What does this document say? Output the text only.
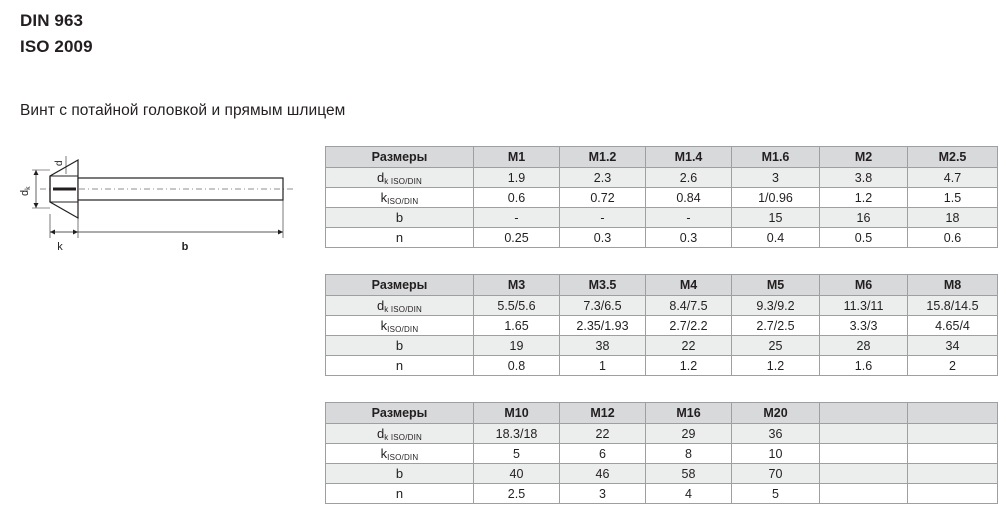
DIN 963
ISO 2009
Винт с потайной головкой и прямым шлицем
dk
d
k	b
Размеры	M1	M1.2	M1.4	M1.6	M2	M2.5
dk ISO/DIN	1.9	2.3	2.6	3	3.8	4.7
kISO/DIN	0.6	0.72	0.84	1/0.96	1.2	1.5
b	-	-	-	15	16	18
n	0.25	0.3	0.3	0.4	0.5	0.6
Размеры	M3	M3.5	M4	M5	M6	M8
dk ISO/DIN	5.5/5.6	7.3/6.5	8.4/7.5	9.3/9.2	11.3/11	15.8/14.5
kISO/DIN	1.65	2.35/1.93	2.7/2.2	2.7/2.5	3.3/3	4.65/4
b	19	38	22	25	28	34
n	0.8	1	1.2	1.2	1.6	2
Размеры	M10	M12	M16	M20		
dk ISO/DIN	18.3/18	22	29	36		
kISO/DIN	5	6	8	10		
b	40	46	58	70		
n	2.5	3	4	5		
